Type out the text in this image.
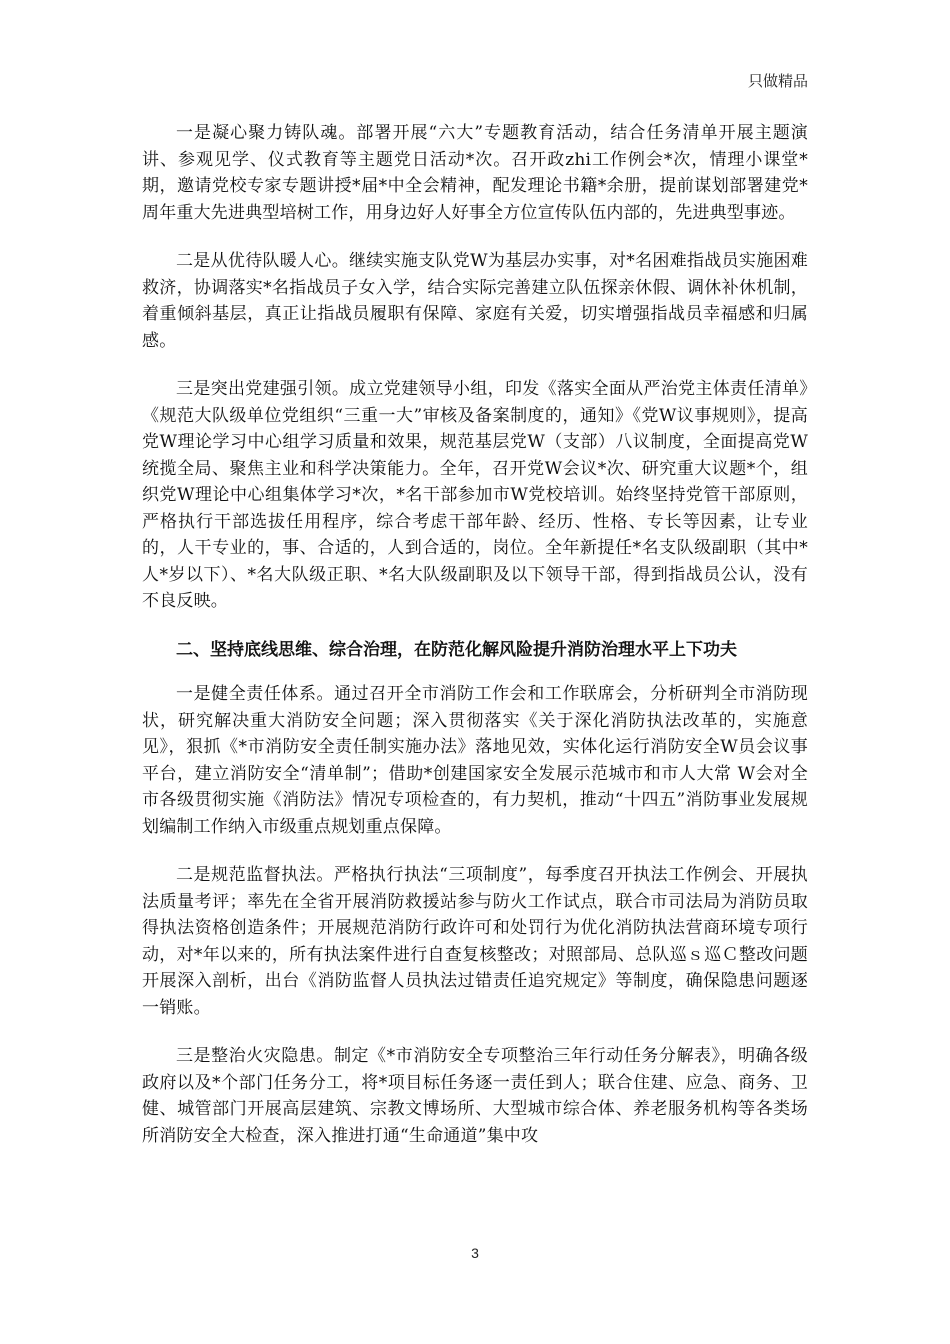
只做精品

一是凝心聚力铸队魂。部署开展“六大”专题教育活动，结合任务清单开展主题演讲、参观见学、仪式教育等主题党日活动*次。召开政zhi工作例会*次，情理小课堂*期，邀请党校专家专题讲授*届*中全会精神，配发理论书籍*余册，提前谋划部署建党*周年重大先进典型培树工作，用身边好人好事全方位宣传队伍内部的，先进典型事迹。

二是从优待队暖人心。继续实施支队党W为基层办实事，对*名困难指战员实施困难救济，协调落实*名指战员子女入学，结合实际完善建立队伍探亲休假、调休补休机制，着重倾斜基层，真正让指战员履职有保障、家庭有关爱，切实增强指战员幸福感和归属感。

三是突出党建强引领。成立党建领导小组，印发《落实全面从严治党主体责任清单》《规范大队级单位党组织“三重一大”审核及备案制度的，通知》《党W议事规则》，提高党W理论学习中心组学习质量和效果，规范基层党W（支部）八议制度，全面提高党W统揽全局、聚焦主业和科学决策能力。全年，召开党W会议*次、研究重大议题*个，组织党W理论中心组集体学习*次，*名干部参加市W党校培训。始终坚持党管干部原则，严格执行干部选拔任用程序，综合考虑干部年龄、经历、性格、专长等因素，让专业的，人干专业的，事、合适的，人到合适的，岗位。全年新提任*名支队级副职（其中*人*岁以下）、*名大队级正职、*名大队级副职及以下领导干部，得到指战员公认，没有不良反映。

二、坚持底线思维、综合治理，在防范化解风险提升消防治理水平上下功夫

一是健全责任体系。通过召开全市消防工作会和工作联席会，分析研判全市消防现状，研究解决重大消防安全问题；深入贯彻落实《关于深化消防执法改革的，实施意见》，狠抓《*市消防安全责任制实施办法》落地见效，实体化运行消防安全W员会议事平台，建立消防安全“清单制”；借助*创建国家安全发展示范城市和市人大常 W会对全市各级贯彻实施《消防法》情况专项检查的，有力契机，推动“十四五”消防事业发展规划编制工作纳入市级重点规划重点保障。

二是规范监督执法。严格执行执法“三项制度”，每季度召开执法工作例会、开展执法质量考评；率先在全省开展消防救援站参与防火工作试点，联合市司法局为消防员取得执法资格创造条件；开展规范消防行政许可和处罚行为优化消防执法营商环境专项行动，对*年以来的，所有执法案件进行自查复核整改；对照部局、总队巡ｓ巡Ｃ整改问题开展深入剖析，出台《消防监督人员执法过错责任追究规定》等制度，确保隐患问题逐一销账。

三是整治火灾隐患。制定《*市消防安全专项整治三年行动任务分解表》，明确各级政府以及*个部门任务分工，将*项目标任务逐一责任到人；联合住建、应急、商务、卫健、城管部门开展高层建筑、宗教文博场所、大型城市综合体、养老服务机构等各类场所消防安全大检查，深入推进打通“生命通道”集中攻

3
